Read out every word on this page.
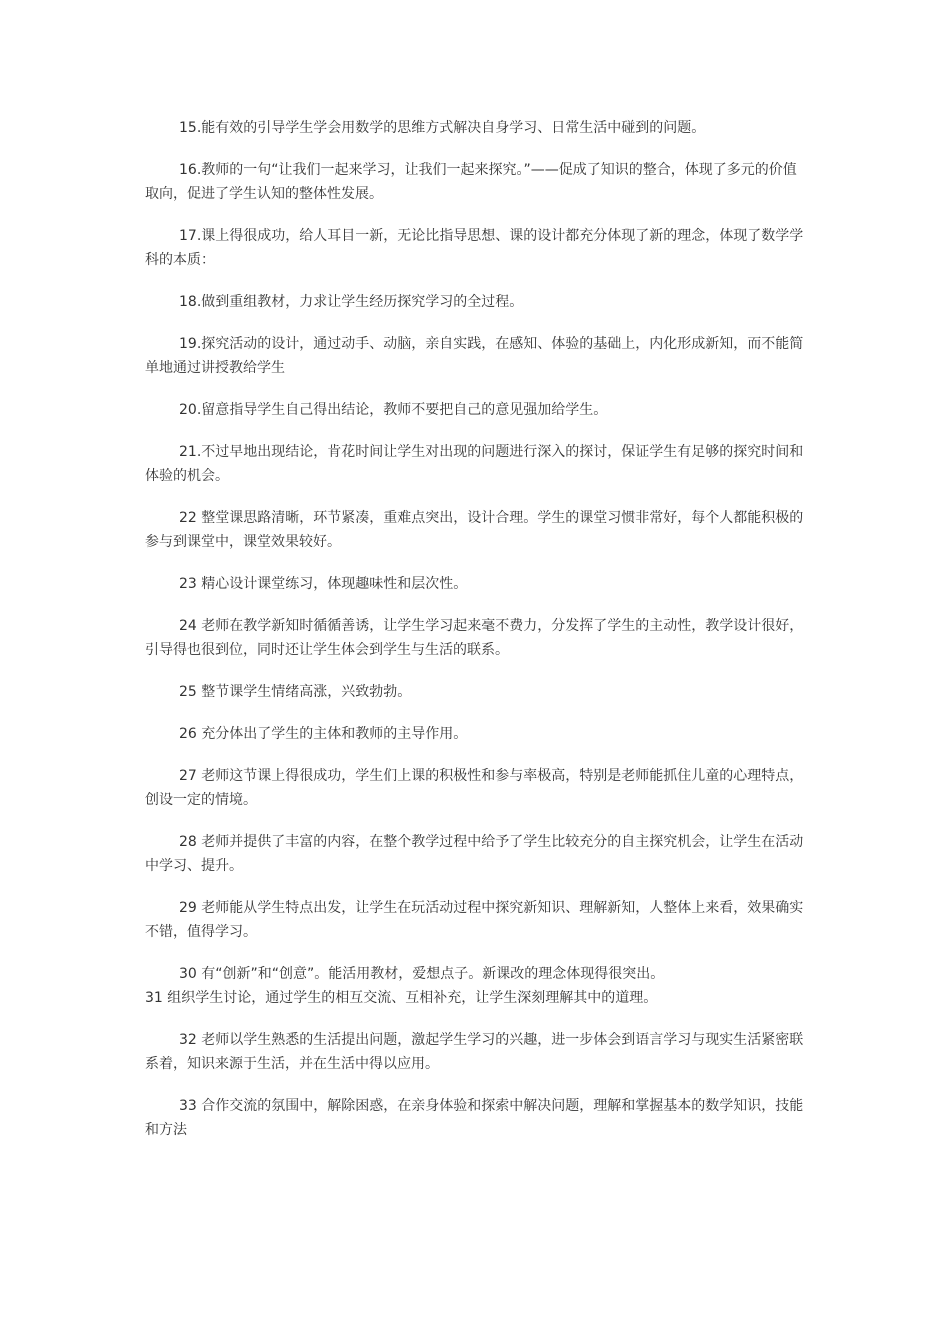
15.能有效的引导学生学会用数学的思维方式解决自身学习、日常生活中碰到的问题。

16.教师的一句“让我们一起来学习，让我们一起来探究。”——促成了知识的整合，体现了多元的价值取向，促进了学生认知的整体性发展。

17.课上得很成功，给人耳目一新，无论比指导思想、课的设计都充分体现了新的理念，体现了数学学科的本质：

18.做到重组教材，力求让学生经历探究学习的全过程。

19.探究活动的设计，通过动手、动脑，亲自实践，在感知、体验的基础上，内化形成新知，而不能简单地通过讲授教给学生

20.留意指导学生自己得出结论，教师不要把自己的意见强加给学生。

21.不过早地出现结论，肯花时间让学生对出现的问题进行深入的探讨，保证学生有足够的探究时间和体验的机会。

22 整堂课思路清晰，环节紧凑，重难点突出，设计合理。学生的课堂习惯非常好，每个人都能积极的参与到课堂中，课堂效果较好。

23 精心设计课堂练习，体现趣味性和层次性。

24 老师在教学新知时循循善诱，让学生学习起来毫不费力，分发挥了学生的主动性，教学设计很好，引导得也很到位，同时还让学生体会到学生与生活的联系。

25 整节课学生情绪高涨，兴致勃勃。

26 充分体出了学生的主体和教师的主导作用。

27 老师这节课上得很成功，学生们上课的积极性和参与率极高，特别是老师能抓住儿童的心理特点，创设一定的情境。

28 老师并提供了丰富的内容，在整个教学过程中给予了学生比较充分的自主探究机会，让学生在活动中学习、提升。

29 老师能从学生特点出发，让学生在玩活动过程中探究新知识、理解新知，人整体上来看，效果确实不错，值得学习。

30 有“创新”和“创意”。能活用教材，爱想点子。新课改的理念体现得很突出。

31 组织学生讨论，通过学生的相互交流、互相补充，让学生深刻理解其中的道理。

32 老师以学生熟悉的生活提出问题，激起学生学习的兴趣，进一步体会到语言学习与现实生活紧密联系着，知识来源于生活，并在生活中得以应用。

33 合作交流的氛围中，解除困惑，在亲身体验和探索中解决问题，理解和掌握基本的数学知识，技能和方法
